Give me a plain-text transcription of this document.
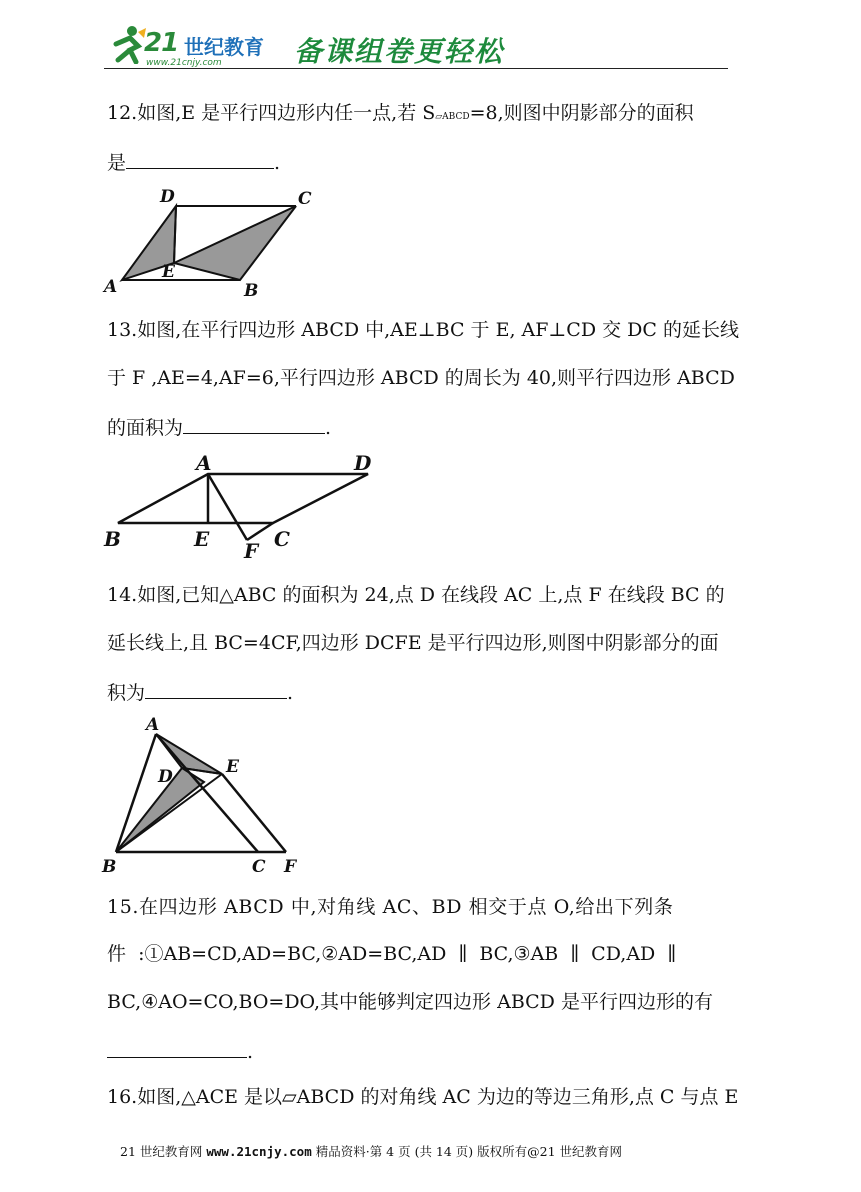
21 世纪教育
www.21cnjy.com	备课组卷更轻松
12.如图,E 是平行四边形内任一点,若 S▱ABCD=8,则图中阴影部分的面积
是	.
D	C
E
A	B
13.如图,在平行四边形 ABCD 中,AE⊥BC 于 E, AF⊥CD 交 DC 的延长线
于 F ,AE=4,AF=6,平行四边形 ABCD 的周长为 40,则平行四边形 ABCD
的面积为	.
A	D
B	E F C
14.如图,已知△ABC 的面积为 24,点 D 在线段 AC 上,点 F 在线段 BC 的
延长线上,且 BC=4CF,四边形 DCFE 是平行四边形,则图中阴影部分的面
积为	.
A
D	E
B	C F
15.在四边形 ABCD 中,对角线 AC、BD 相交于点 O,给出下列条
件  :①AB=CD,AD=BC,②AD=BC,AD  ∥  BC,③AB  ∥  CD,AD  ∥
BC,④AO=CO,BO=DO,其中能够判定四边形 ABCD 是平行四边形的有
.
16.如图,△ACE 是以▱ABCD 的对角线 AC 为边的等边三角形,点 C 与点 E
21 世纪教育网 www.21cnjy.com 精品资料·第 4 页 (共 14 页) 版权所有@21 世纪教育网
